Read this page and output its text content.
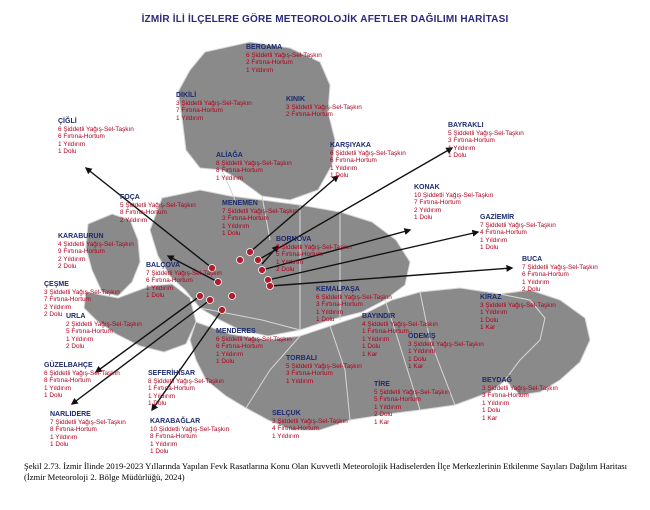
İZMİR İLİ İLÇELERE GÖRE METEOROLOJİK AFETLER DAĞILIMI HARİTASI
BERGAMA
6 Şiddetli Yağış-Sel-Taşkın
2 Fırtına-Hortum
1 Yıldırım
DİKİLİ
3 Şiddetli Yağış-Sel-Taşkın
7 Fırtına-Hortum
1 Yıldırım
KINIK
3 Şiddetli Yağış-Sel-Taşkın
2 Fırtına-Hortum
ÇİĞLİ
6 Şiddetli Yağış-Sel-Taşkın
6 Fırtına-Hortum
1 Yıldırım
1 Dolu
ALİAĞA
8 Şiddetli Yağış-Sel-Taşkın
8 Fırtına-Hortum
1 Yıldırım
KARŞIYAKA
6 Şiddetli Yağış-Sel-Taşkın
6 Fırtına-Hortum
1 Yıldırım
1 Dolu
BAYRAKLI
5 Şiddetli Yağış-Sel-Taşkın
3 Fırtına-Hortum
1 Yıldırım
1 Dolu
FOÇA
5 Şiddetli Yağış-Sel-Taşkın
8 Fırtına-Hortum
2 Yıldırım
MENEMEN
7 Şiddetli Yağış-Sel-Taşkın
3 Fırtına-Hortum
1 Yıldırım
1 Dolu
KONAK
10 Şiddetli Yağış-Sel-Taşkın
7 Fırtına-Hortum
2 Yıldırım
1 Dolu	GAZİEMİR
7 Şiddetli Yağış-Sel-Taşkın
4 Fırtına-Hortum
1 Yıldırım
1 Dolu
KARABURUN
4 Şiddetli Yağış-Sel-Taşkın
9 Fırtına-Hortum
2 Yıldırım
2 Dolu
BORNOVA
5 Şiddetli Yağış-Sel-Taşkın
5 Fırtına-Hortum
1 Yıldırım
2 Dolu
BALÇOVA
7 Şiddetli Yağış-Sel-Taşkın
6 Fırtına-Hortum
1 Yıldırım
1 Dolu
BUCA
7 Şiddetli Yağış-Sel-Taşkın
6 Fırtına-Hortum
1 Yıldırım
2 Dolu
ÇEŞME
3 Şiddetli Yağış-Sel-Taşkın
7 Fırtına-Hortum
2 Yıldırım
2 Dolu
KEMALPAŞA
6 Şiddetli Yağış-Sel-Taşkın
3 Fırtına-Hortum
1 Yıldırım
1 Dolu
URLA
2 Şiddetli Yağış-Sel-Taşkın
5 Fırtına-Hortum
1 Yıldırım
2 Dolu
KİRAZ
3 Şiddetli Yağış-Sel-Taşkın
1 Yıldırım
1 Dolu
1 Kar
BAYINDIR
4 Şiddetli Yağış-Sel-Taşkın
1 Fırtına-Hortum
1 Yıldırım
1 Dolu
1 Kar
MENDERES
6 Şiddetli Yağış-Sel-Taşkın
6 Fırtına-Hortum
1 Yıldırım
1 Dolu
ÖDEMİŞ
3 Şiddetli Yağış-Sel-Taşkın
1 Yıldırım
1 Dolu
1 Kar
GÜZELBAHÇE
6 Şiddetli Yağış-Sel-Taşkın
8 Fırtına-Hortum
1 Yıldırım
1 Dolu
TORBALI
5 Şiddetli Yağış-Sel-Taşkın
3 Fırtına-Hortum
1 Yıldırım
SEFERİHİSAR
8 Şiddetli Yağış-Sel-Taşkın
1 Fırtına-Hortum
1 Yıldırım
1 Dolu
TİRE
5 Şiddetli Yağış-Sel-Taşkın
5 Fırtına-Hortum
1 Yıldırım
2 Dolu
1 Kar
BEYDAĞ
3 Şiddetli Yağış-Sel-Taşkın
3 Fırtına-Hortum
1 Yıldırım
1 Dolu
1 Kar
NARLIDERE
7 Şiddetli Yağış-Sel-Taşkın
8 Fırtına-Hortum
1 Yıldırım
1 Dolu
KARABAĞLAR
10 Şiddetli Yağış-Sel-Taşkın
8 Fırtına-Hortum
1 Yıldırım
1 Dolu
SELÇUK
3 Şiddetli Yağış-Sel-Taşkın
4 Fırtına-Hortum
1 Yıldırım
Şekil 2.73. İzmir İlinde 2019-2023 Yıllarında Yapılan Fevk Rasatlarına Konu Olan Kuvvetli Meteorolojik Hadiselerden İlçe Merkezlerinin Etkilenme Sayıları Dağılım Haritası (İzmir Meteoroloji 2. Bölge Müdürlüğü, 2024)
